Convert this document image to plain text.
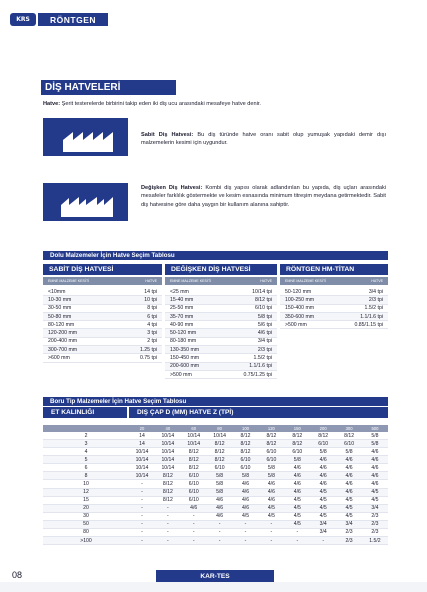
KRS	RÖNTGEN
DİŞ HATVELERİ

Hatve: Şerit testerelerde birbirini takip eden iki diş ucu arasındaki mesafeye hatve denir.

Sabit Diş Hatvesi: Bu diş türünde hatve oranı sabit olup yumuşak yapıdaki demir dışı malzemelerin kesimi için uygundur.

Değişken Diş Hatvesi: Kombi diş yapısı olarak adlandırılan bu yapıda, diş uçları arasındaki mesafeler farklılık göstermekte ve kesim esnasında minimum titreşim meydana getirmektedir. Sabit diş hatvesine göre daha yaygın bir kullanım alanına sahiptir.

Dolu Malzemeler İçin Hatve Seçim Tablosu
SABİT DİŞ HATVESİ
EMNE MALZEME KESİTİ	HATVE
<10mm	14 tpi
10-30 mm	10 tpi
30-50 mm	8 tpi
50-80 mm	6 tpi
80-120 mm	4 tpi
120-200 mm	3 tpi
200-400 mm	2 tpi
300-700 mm	1.25 tpi
>600 mm	0.75 tpi
DEĞİŞKEN DİŞ HATVESİ
EMNE MALZEME KESİTİ	HATVE
<25 mm	10/14 tpi
15-40 mm	8/12 tpi
25-50 mm	6/10 tpi
35-70 mm	5/8 tpi
40-90 mm	5/6 tpi
50-120 mm	4/6 tpi
80-180 mm	3/4 tpi
130-350 mm	2/3 tpi
150-450 mm	1.5/2 tpi
200-600 mm	1.1/1.6 tpi
>500 mm	0.75/1.25 tpi
RÖNTGEN HM-TİTAN
EMNE MALZEME KESİTİ	HATVE
50-120 mm	3/4 tpi
100-250 mm	2/3 tpi
150-400 mm	1.5/2 tpi
350-600 mm	1.1/1.6 tpi
>500 mm	0.85/1.15 tpi
Boru Tip Malzemeler İçin Hatve Seçim Tablosu
ET KALINLIĞI	DIŞ ÇAP D (MM) HATVE Z (TPİ)
20	40	60	80	100	120	150	200	300	500
2	14	10/14	10/14	10/14	8/12	8/12	8/12	8/12	8/12	5/8
3	14	10/14	10/14	8/12	8/12	8/12	8/12	6/10	6/10	5/8
4	10/14	10/14	8/12	8/12	8/12	6/10	6/10	5/8	5/8	4/6
5	10/14	10/14	8/12	8/12	6/10	6/10	5/8	4/6	4/6	4/6
6	10/14	10/14	8/12	6/10	6/10	5/8	4/6	4/6	4/6	4/6
8	10/14	8/12	6/10	5/8	5/8	5/8	4/6	4/6	4/6	4/6
10	-	8/12	6/10	5/8	4/6	4/6	4/6	4/6	4/6	4/6
12	-	8/12	6/10	5/8	4/6	4/6	4/6	4/5	4/6	4/5
15	-	8/12	6/10	4/6	4/6	4/6	4/5	4/5	4/5	4/5
20	-	-	4/6	4/6	4/6	4/5	4/5	4/5	4/5	3/4
30	-	-	-	4/6	4/5	4/5	4/5	4/5	4/5	2/3
50	-	-	-	-	-	-	4/5	3/4	3/4	2/3
80	-	-	-	-	-	-	-	3/4	2/3	2/3
>100	-	-	-	-	-	-	-	-	2/3	1.5/2
08	KAR-TES
